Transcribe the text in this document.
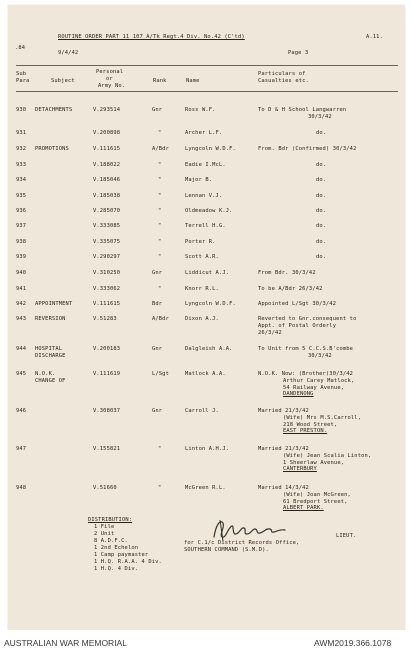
.84
ROUTINE ORDER PART 11 107 A/Tk Regt.4 Div. No.42 (C'td)	A.11.
9/4/42	Page 3
Sub
Para	Subject
Personal
or
Army No.
Rank	Name
Particulars of
Casualties etc.
930 DETACHMENTS	V.293514	Gnr	Ross W.F.	To D & H School Langwarren
30/3/42
931	V.200898	"	Archer L.F.	do.
932 PROMOTIONS	V.111615	A/Bdr	Lyngcoln W.D.F.	From. Bdr (Confirmed) 30/3/42
933	V.188022	"	Eadie I.McL.	do.
934	V.185046	"	Major B.	do.
935	V.185038	"	Lennan V.J.	do.
936	V.285070	"	Oldmeadow K.J.	do.
937	V.333085	"	Terrell H.G.	do.
938	V.335075	"	Porter R.	do.
939	V.290297	"	Scott A.R.	do.
940	V.310250	Gnr	Liddicut A.J.	From Bdr. 30/3/42
941	V.333062	"	Knorr R.L.	To be A/Bdr 26/3/42
942 APPOINTMENT	V.111615	Bdr	Lyngcoln W.D.F.	Appointed L/Sgt 30/3/42
943 REVERSION	V.51283	A/Bdr	Dixon A.J.	Reverted to Gnr.consequent to
Appt. of Postal Orderly
26/3/42
944 HOSPITAL
DISCHARGE
V.200183	Gnr	Dalgleish A.A.	To Unit from 5 C.C.S.B'combe
30/3/42
945 N.O.K.
CHANGE OF
V.111619	L/Sgt	Matlock A.A.	N.O.K. Now: (Brother)30/3/42
Arthur Carey Matlock,
54 Railway Avenue,
DANDENONG
946	V.308037	Gnr	Carroll J.	Married 21/3/42
(Wife) Mrs M.S.Carroll,
218 Wood Street,
EAST PRESTON.
947	V.155821	"	Linton A.H.J.	Married 21/3/42
(Wife) Jean Scalia Linton,
1 Sheerlaw Avenue,
CANTERBURY
948	V.51660	"	McGreen R.L.	Married 14/3/42
(Wife) Joan McGreen,
61 Bredport Street,
ALBERT PARK.
DISTRIBUTION:
1 File
2 Unit
8 A.D.F.C.
1 2nd Echelon
1 Camp paymaster
1 H.Q. R.A.A. 4 Div.
1 H.Q. 4 Div.
LIEUT.
for C.1/c District Records Office,
SOUTHERN COMMAND (S.M.D).
AUSTRALIAN WAR MEMORIAL	AWM2019.366.1078
